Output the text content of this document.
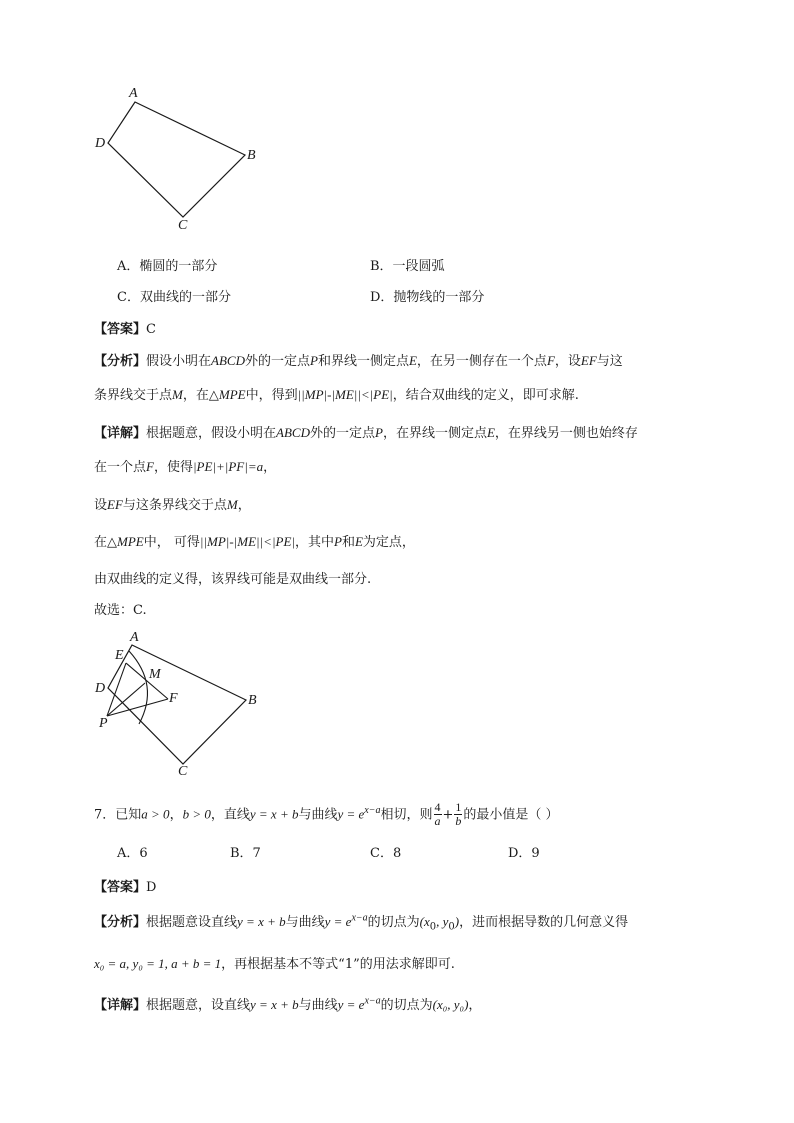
A
B
C
D
A．椭圆的一部分	B．一段圆弧
C．双曲线的一部分	D．抛物线的一部分
【答案】C
【分析】假设小明在ABCD外的一定点P和界线一侧定点E，在另一侧存在一个点F，设EF与这
条界线交于点M，在△MPE中，得到||MP|-|ME||<|PE|，结合双曲线的定义，即可求解.
【详解】根据题意，假设小明在ABCD外的一定点P，在界线一侧定点E，在界线另一侧也始终存
在一个点F，使得|PE|+|PF|=a，
设EF与这条界线交于点M，
在△MPE中， 可得||MP|-|ME||<|PE|，其中P和E为定点，
由双曲线的定义得，该界线可能是双曲线一部分.
故选：C.
A
B
C
D
E
F
M
P
7．已知a > 0，b > 0，直线y = x + b与曲线$y = e^{x-a}$相切，则 $\frac{4}{a} + \frac{1}{b}$ 的最小值是（ ）
A．6	B．7	C．8	D．9
【答案】D
【分析】根据题意设直线y = x + b与曲线$y = e^{x-a}$的切点为($x_0$, $y_0$)，进而根据导数的几何意义得
x₀ = a, y₀ = 1, a + b = 1，再根据基本不等式“1”的用法求解即可.
【详解】根据题意，设直线y = x + b与曲线$y = e^{x-a}$的切点为(x₀, y₀)，
